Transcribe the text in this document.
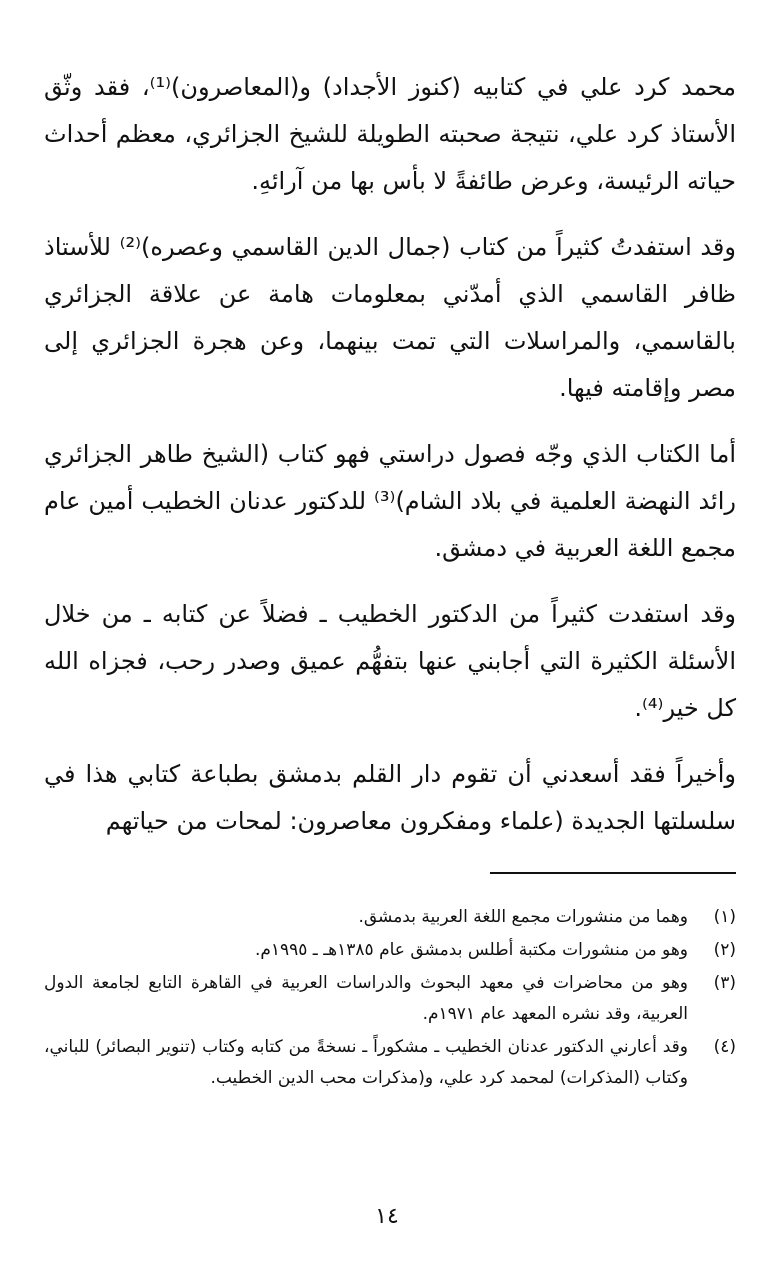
محمد كرد علي في كتابيه (كنوز الأجداد) و(المعاصرون)⁽¹⁾، فقد وثّق الأستاذ كرد علي، نتيجة صحبته الطويلة للشيخ الجزائري، معظم أحداث حياته الرئيسة، وعرض طائفةً لا بأس بها من آرائهِ.

وقد استفدتُ كثيراً من كتاب (جمال الدين القاسمي وعصره)⁽²⁾ للأستاذ ظافر القاسمي الذي أمدّني بمعلومات هامة عن علاقة الجزائري بالقاسمي، والمراسلات التي تمت بينهما، وعن هجرة الجزائري إلى مصر وإقامته فيها.

أما الكتاب الذي وجّه فصول دراستي فهو كتاب (الشيخ طاهر الجزائري رائد النهضة العلمية في بلاد الشام)⁽³⁾ للدكتور عدنان الخطيب أمين عام مجمع اللغة العربية في دمشق.

وقد استفدت كثيراً من الدكتور الخطيب ـ فضلاً عن كتابه ـ من خلال الأسئلة الكثيرة التي أجابني عنها بتفهُّم عميق وصدر رحب، فجزاه الله كل خير⁽⁴⁾.

وأخيراً فقد أسعدني أن تقوم دار القلم بدمشق بطباعة كتابي هذا في سلسلتها الجديدة (علماء ومفكرون معاصرون: لمحات من حياتهم

(١)
وهما من منشورات مجمع اللغة العربية بدمشق.
(٢)
وهو من منشورات مكتبة أطلس بدمشق عام ١٣٨٥هـ ـ ١٩٩٥م.
(٣)
وهو من محاضرات في معهد البحوث والدراسات العربية في القاهرة التابع لجامعة الدول العربية، وقد نشره المعهد عام ١٩٧١م.
(٤)
وقد أعارني الدكتور عدنان الخطيب ـ مشكوراً ـ نسخةً من كتابه وكتاب (تنوير البصائر) للباني، وكتاب (المذكرات) لمحمد كرد علي، و(مذكرات محب الدين الخطيب.
١٤
